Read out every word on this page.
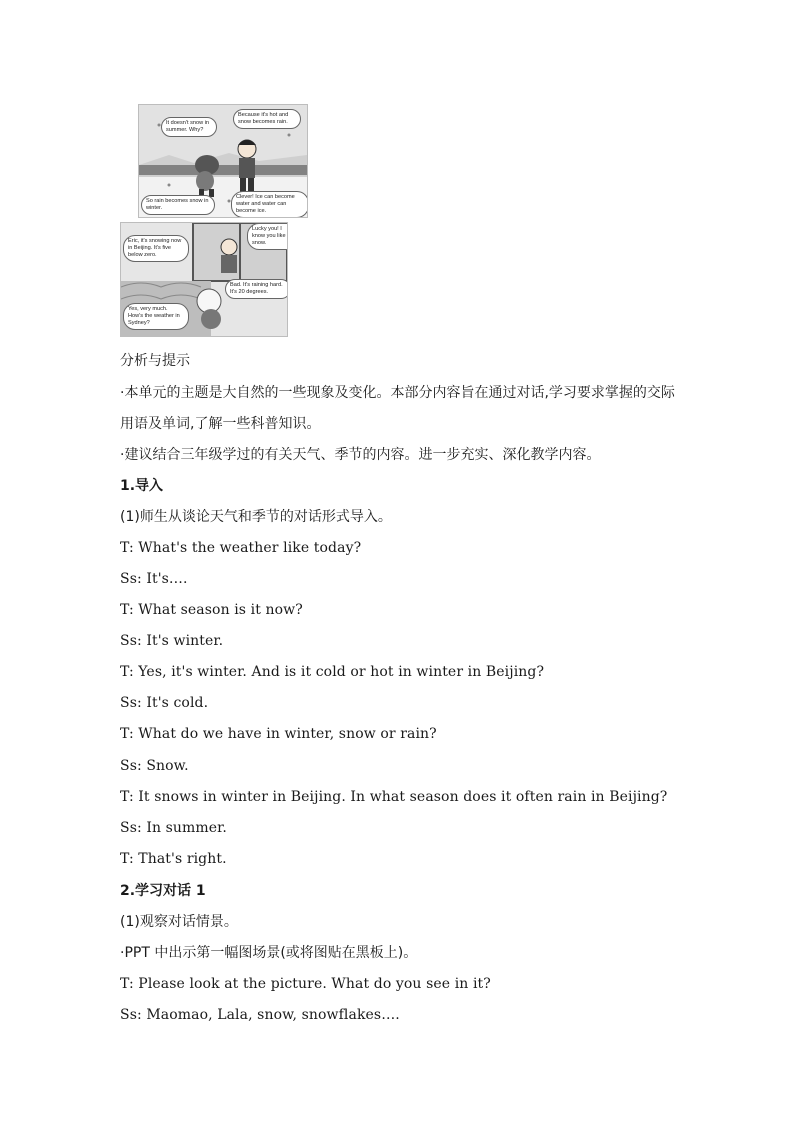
It doesn't snow in summer. Why?
Because it's hot and snow becomes rain.
So rain becomes snow in winter.
Clever! Ice can become water and water can become ice.
Eric, it's snowing now in Beijing. It's five below zero.
Lucky you! I know you like snow.
Bad. It's raining hard. It's 20 degrees.
Yes, very much. How's the weather in Sydney?
分析与提示
·本单元的主题是大自然的一些现象及变化。本部分内容旨在通过对话,学习要求掌握的交际
用语及单词,了解一些科普知识。
·建议结合三年级学过的有关天气、季节的内容。进一步充实、深化教学内容。
1.导入
(1)师生从谈论天气和季节的对话形式导入。
T: What's the weather like today?
Ss: It's….
T: What season is it now?
Ss: It's winter.
T: Yes, it's winter. And is it cold or hot in winter in Beijing?
Ss: It's cold.
T: What do we have in winter, snow or rain?
Ss: Snow.
T: It snows in winter in Beijing. In what season does it often rain in Beijing?
Ss: In summer.
T: That's right.
2.学习对话 1
(1)观察对话情景。
·PPT 中出示第一幅图场景(或将图贴在黑板上)。
T: Please look at the picture. What do you see in it?
Ss: Maomao, Lala, snow, snowflakes….
